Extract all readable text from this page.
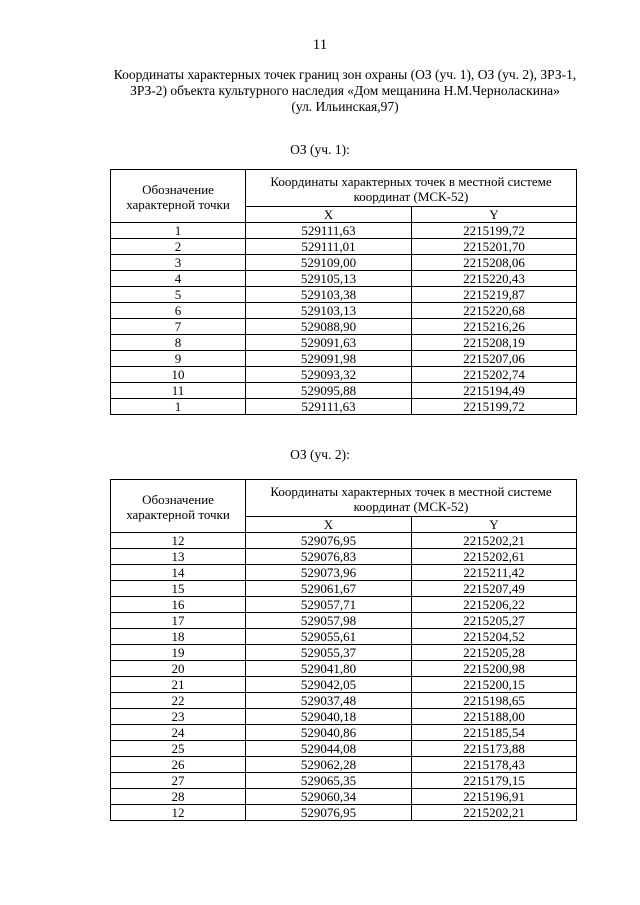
11
Координаты характерных точек границ зон охраны (ОЗ (уч. 1), ОЗ (уч. 2), ЗРЗ-1,
ЗРЗ-2) объекта культурного наследия «Дом мещанина Н.М.Черноласкина»
(ул. Ильинская,97)
ОЗ (уч. 1):
Обозначение характерной точки	Координаты характерных точек в местной системе координат (МСК-52)	
	X	Y
1	529111,63	2215199,72
2	529111,01	2215201,70
3	529109,00	2215208,06
4	529105,13	2215220,43
5	529103,38	2215219,87
6	529103,13	2215220,68
7	529088,90	2215216,26
8	529091,63	2215208,19
9	529091,98	2215207,06
10	529093,32	2215202,74
11	529095,88	2215194,49
1	529111,63	2215199,72
ОЗ (уч. 2):
Обозначение характерной точки	Координаты характерных точек в местной системе координат (МСК-52)	
	X	Y
12	529076,95	2215202,21
13	529076,83	2215202,61
14	529073,96	2215211,42
15	529061,67	2215207,49
16	529057,71	2215206,22
17	529057,98	2215205,27
18	529055,61	2215204,52
19	529055,37	2215205,28
20	529041,80	2215200,98
21	529042,05	2215200,15
22	529037,48	2215198,65
23	529040,18	2215188,00
24	529040,86	2215185,54
25	529044,08	2215173,88
26	529062,28	2215178,43
27	529065,35	2215179,15
28	529060,34	2215196,91
12	529076,95	2215202,21
